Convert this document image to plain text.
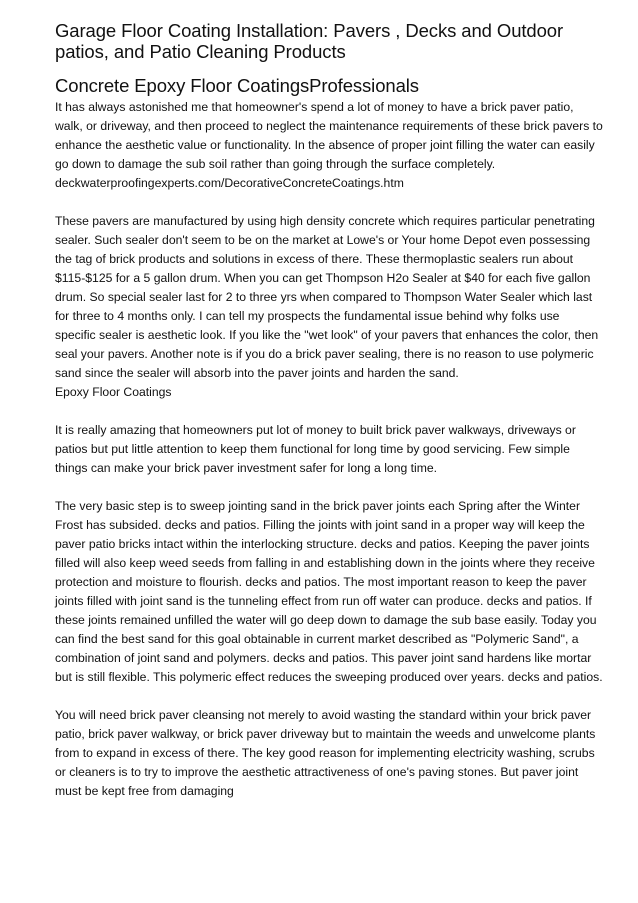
Garage Floor Coating Installation: Pavers , Decks and Outdoor patios, and Patio Cleaning Products
Concrete Epoxy Floor CoatingsProfessionals

It has always astonished me that homeowner's spend a lot of money to have a brick paver patio, walk, or driveway, and then proceed to neglect the maintenance requirements of these brick pavers to enhance the aesthetic value or functionality. In the absence of proper joint filling the water can easily go down to damage the sub soil rather than going through the surface completely. deckwaterproofingexperts.com/DecorativeConcreteCoatings.htm

These pavers are manufactured by using high density concrete which requires particular penetrating sealer. Such sealer don't seem to be on the market at Lowe's or Your home Depot even possessing the tag of brick products and solutions in excess of there. These thermoplastic sealers run about $115-$125 for a 5 gallon drum. When you can get Thompson H2o Sealer at $40 for each five gallon drum. So special sealer last for 2 to three yrs when compared to Thompson Water Sealer which last for three to 4 months only. I can tell my prospects the fundamental issue behind why folks use specific sealer is aesthetic look. If you like the "wet look" of your pavers that enhances the color, then seal your pavers. Another note is if you do a brick paver sealing, there is no reason to use polymeric sand since the sealer will absorb into the paver joints and harden the sand.

Epoxy Floor Coatings

It is really amazing that homeowners put lot of money to built brick paver walkways, driveways or patios but put little attention to keep them functional for long time by good servicing. Few simple things can make your brick paver investment safer for long a long time.

The very basic step is to sweep jointing sand in the brick paver joints each Spring after the Winter Frost has subsided. decks and patios. Filling the joints with joint sand in a proper way will keep the paver patio bricks intact within the interlocking structure. decks and patios. Keeping the paver joints filled will also keep weed seeds from falling in and establishing down in the joints where they receive protection and moisture to flourish. decks and patios. The most important reason to keep the paver joints filled with joint sand is the tunneling effect from run off water can produce. decks and patios. If these joints remained unfilled the water will go deep down to damage the sub base easily. Today you can find the best sand for this goal obtainable in current market described as "Polymeric Sand", a combination of joint sand and polymers. decks and patios. This paver joint sand hardens like mortar but is still flexible. This polymeric effect reduces the sweeping produced over years. decks and patios.

You will need brick paver cleansing not merely to avoid wasting the standard within your brick paver patio, brick paver walkway, or brick paver driveway but to maintain the weeds and unwelcome plants from to expand in excess of there. The key good reason for implementing electricity washing, scrubs or cleaners is to try to improve the aesthetic attractiveness of one's paving stones. But paver joint must be kept free from damaging
